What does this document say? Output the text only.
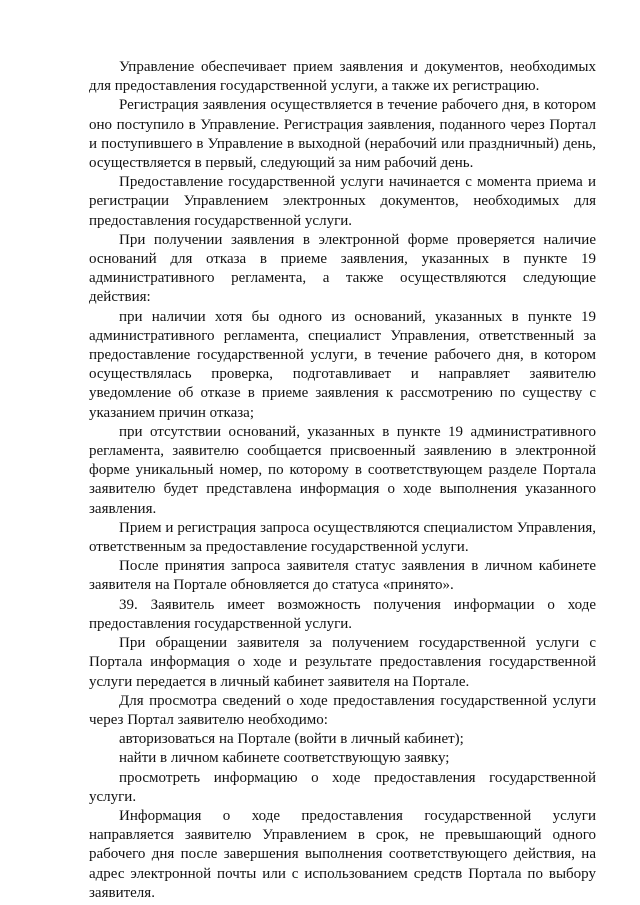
Управление обеспечивает прием заявления и документов, необходимых для предоставления государственной услуги, а также их регистрацию.

Регистрация заявления осуществляется в течение рабочего дня, в котором оно поступило в Управление. Регистрация заявления, поданного через Портал и поступившего в Управление в выходной (нерабочий или праздничный) день, осуществляется в первый, следующий за ним рабочий день.

Предоставление государственной услуги начинается с момента приема и регистрации Управлением электронных документов, необходимых для предоставления государственной услуги.

При получении заявления в электронной форме проверяется наличие оснований для отказа в приеме заявления, указанных в пункте 19 административного регламента, а также осуществляются следующие действия:

при наличии хотя бы одного из оснований, указанных в пункте 19 административного регламента, специалист Управления, ответственный за предоставление государственной услуги, в течение рабочего дня, в котором осуществлялась проверка, подготавливает и направляет заявителю уведомление об отказе в приеме заявления к рассмотрению по существу с указанием причин отказа;

при отсутствии оснований, указанных в пункте 19 административного регламента, заявителю сообщается присвоенный заявлению в электронной форме уникальный номер, по которому в соответствующем разделе Портала заявителю будет представлена информация о ходе выполнения указанного заявления.

Прием и регистрация запроса осуществляются специалистом Управления, ответственным за предоставление государственной услуги.

После принятия запроса заявителя статус заявления в личном кабинете заявителя на Портале обновляется до статуса «принято».

39. Заявитель имеет возможность получения информации о ходе предоставления государственной услуги.

При обращении заявителя за получением государственной услуги с Портала информация о ходе и результате предоставления государственной услуги передается в личный кабинет заявителя на Портале.

Для просмотра сведений о ходе предоставления государственной услуги через Портал заявителю необходимо:

авторизоваться на Портале (войти в личный кабинет);

найти в личном кабинете соответствующую заявку;

просмотреть информацию о ходе предоставления государственной услуги.

Информация о ходе предоставления государственной услуги направляется заявителю Управлением в срок, не превышающий одного рабочего дня после завершения выполнения соответствующего действия, на адрес электронной почты или с использованием средств Портала по выбору заявителя.
